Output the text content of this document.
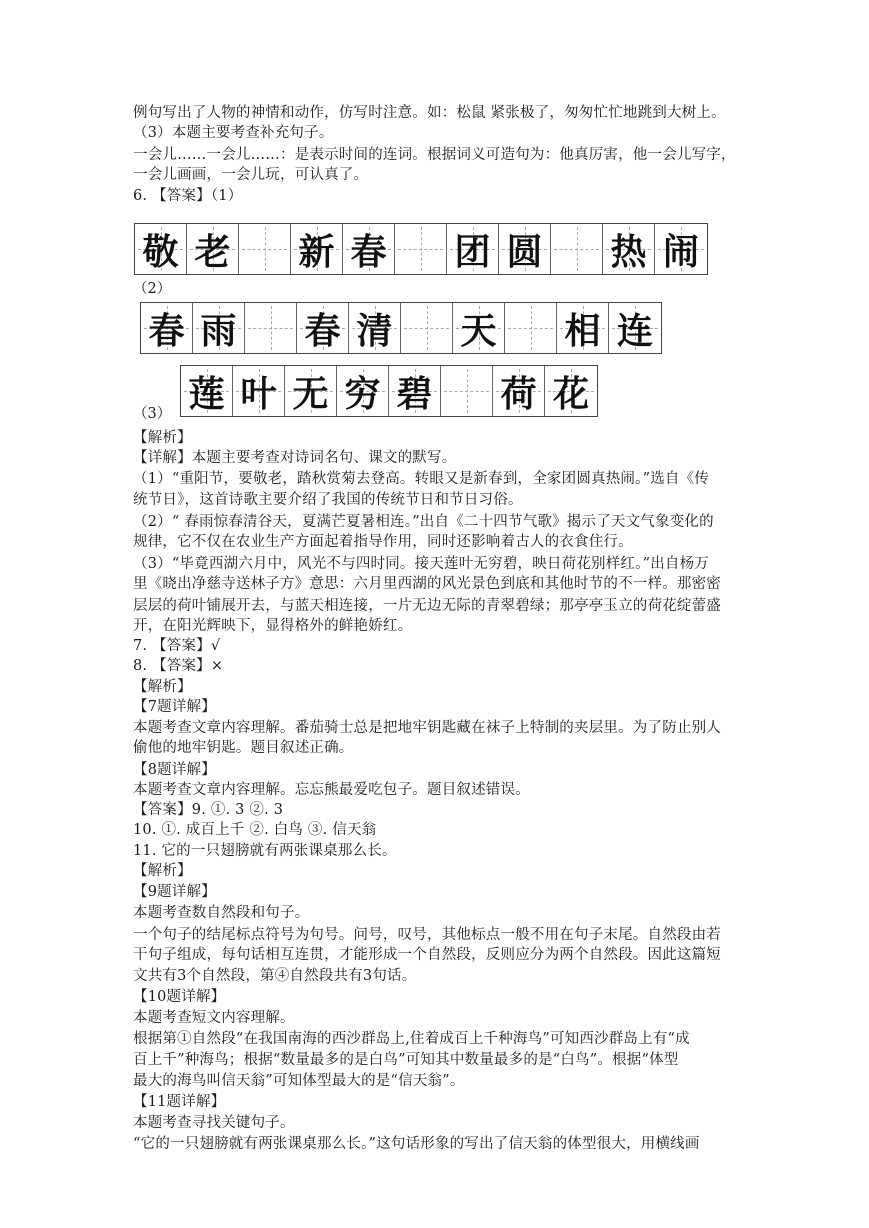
例句写出了人物的神情和动作，仿写时注意。如：松鼠 紧张极了，匆匆忙忙地跳到大树上。
（3）本题主要考查补充句子。
一会儿……一会儿……：是表示时间的连词。根据词义可造句为：他真厉害，他一会儿写字，
一会儿画画，一会儿玩，可认真了。
6. 【答案】（1）
敬 老 新 春 团 圆 热 闹
（2）
春 雨 春 清 天 相 连
莲 叶 无 穷 碧 荷 花
（3）
【解析】
【详解】本题主要考查对诗词名句、课文的默写。
（1）“重阳节，要敬老，踏秋赏菊去登高。转眼又是新春到，全家团圆真热闹。”选自《传
统节日》，这首诗歌主要介绍了我国的传统节日和节日习俗。
（2）“ 春雨惊春清谷天，夏满芒夏暑相连。”出自《二十四节气歌》揭示了天文气象变化的
规律，它不仅在农业生产方面起着指导作用，同时还影响着古人的衣食住行。
（3）“毕竟西湖六月中，风光不与四时同。接天莲叶无穷碧，映日荷花别样红。”出自杨万
里《晓出净慈寺送林子方》意思：六月里西湖的风光景色到底和其他时节的不一样。那密密
层层的荷叶铺展开去，与蓝天相连接，一片无边无际的青翠碧绿；那亭亭玉立的荷花绽蕾盛
开，在阳光辉映下，显得格外的鲜艳娇红。
7. 【答案】√
8. 【答案】×
【解析】
【7题详解】
本题考查文章内容理解。番茄骑士总是把地牢钥匙藏在袜子上特制的夹层里。为了防止别人
偷他的地牢钥匙。题目叙述正确。
【8题详解】
本题考查文章内容理解。忘忘熊最爱吃包子。题目叙述错误。
【答案】9. ①. 3 ②. 3
10. ①. 成百上千 ②. 白鸟 ③. 信天翁
11. 它的一只翅膀就有两张课桌那么长。
【解析】
【9题详解】
本题考查数自然段和句子。
一个句子的结尾标点符号为句号。问号，叹号，其他标点一般不用在句子末尾。自然段由若
干句子组成，每句话相互连贯，才能形成一个自然段，反则应分为两个自然段。因此这篇短
文共有3个自然段，第④自然段共有3句话。
【10题详解】
本题考查短文内容理解。
根据第①自然段“在我国南海的西沙群岛上,住着成百上千种海鸟”可知西沙群岛上有“成
百上千”种海鸟；根据“数量最多的是白鸟”可知其中数量最多的是“白鸟”。根据“体型
最大的海鸟叫信天翁”可知体型最大的是“信天翁”。
【11题详解】
本题考查寻找关键句子。
“它的一只翅膀就有两张课桌那么长。”这句话形象的写出了信天翁的体型很大，用横线画
